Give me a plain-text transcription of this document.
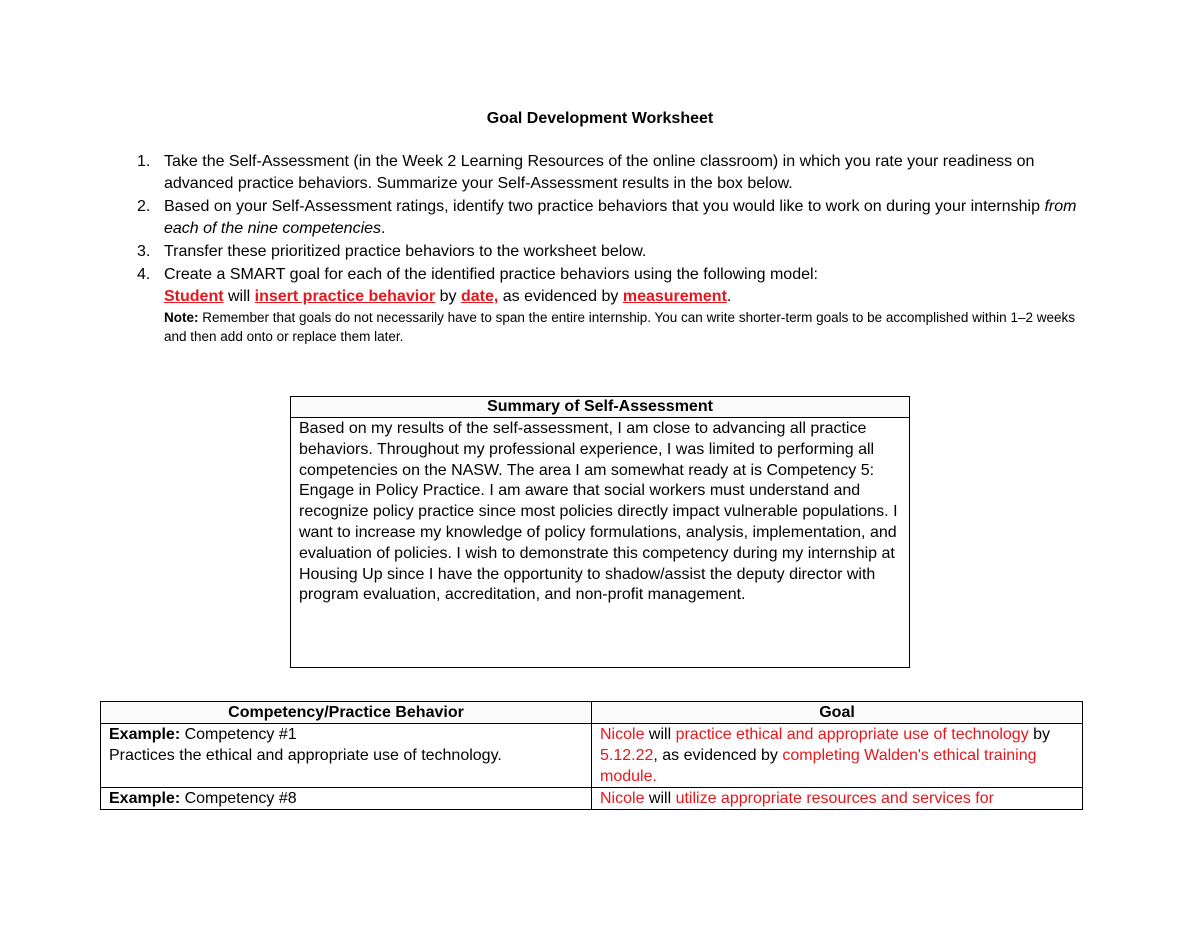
Goal Development Worksheet
1. Take the Self-Assessment (in the Week 2 Learning Resources of the online classroom) in which you rate your readiness on advanced practice behaviors. Summarize your Self-Assessment results in the box below.
2. Based on your Self-Assessment ratings, identify two practice behaviors that you would like to work on during your internship from each of the nine competencies.
3. Transfer these prioritized practice behaviors to the worksheet below.
4. Create a SMART goal for each of the identified practice behaviors using the following model:
Student will insert practice behavior by date, as evidenced by measurement.
Note: Remember that goals do not necessarily have to span the entire internship. You can write shorter-term goals to be accomplished within 1–2 weeks and then add onto or replace them later.
Summary of Self-Assessment
Based on my results of the self-assessment, I am close to advancing all practice behaviors. Throughout my professional experience, I was limited to performing all competencies on the NASW. The area I am somewhat ready at is Competency 5: Engage in Policy Practice. I am aware that social workers must understand and recognize policy practice since most policies directly impact vulnerable populations. I want to increase my knowledge of policy formulations, analysis, implementation, and evaluation of policies. I wish to demonstrate this competency during my internship at Housing Up since I have the opportunity to shadow/assist the deputy director with program evaluation, accreditation, and non-profit management.
Competency/Practice Behavior	Goal
Example: Competency #1
Practices the ethical and appropriate use of technology.	Nicole will practice ethical and appropriate use of technology by 5.12.22, as evidenced by completing Walden's ethical training module.
Example: Competency #8	Nicole will utilize appropriate resources and services for
